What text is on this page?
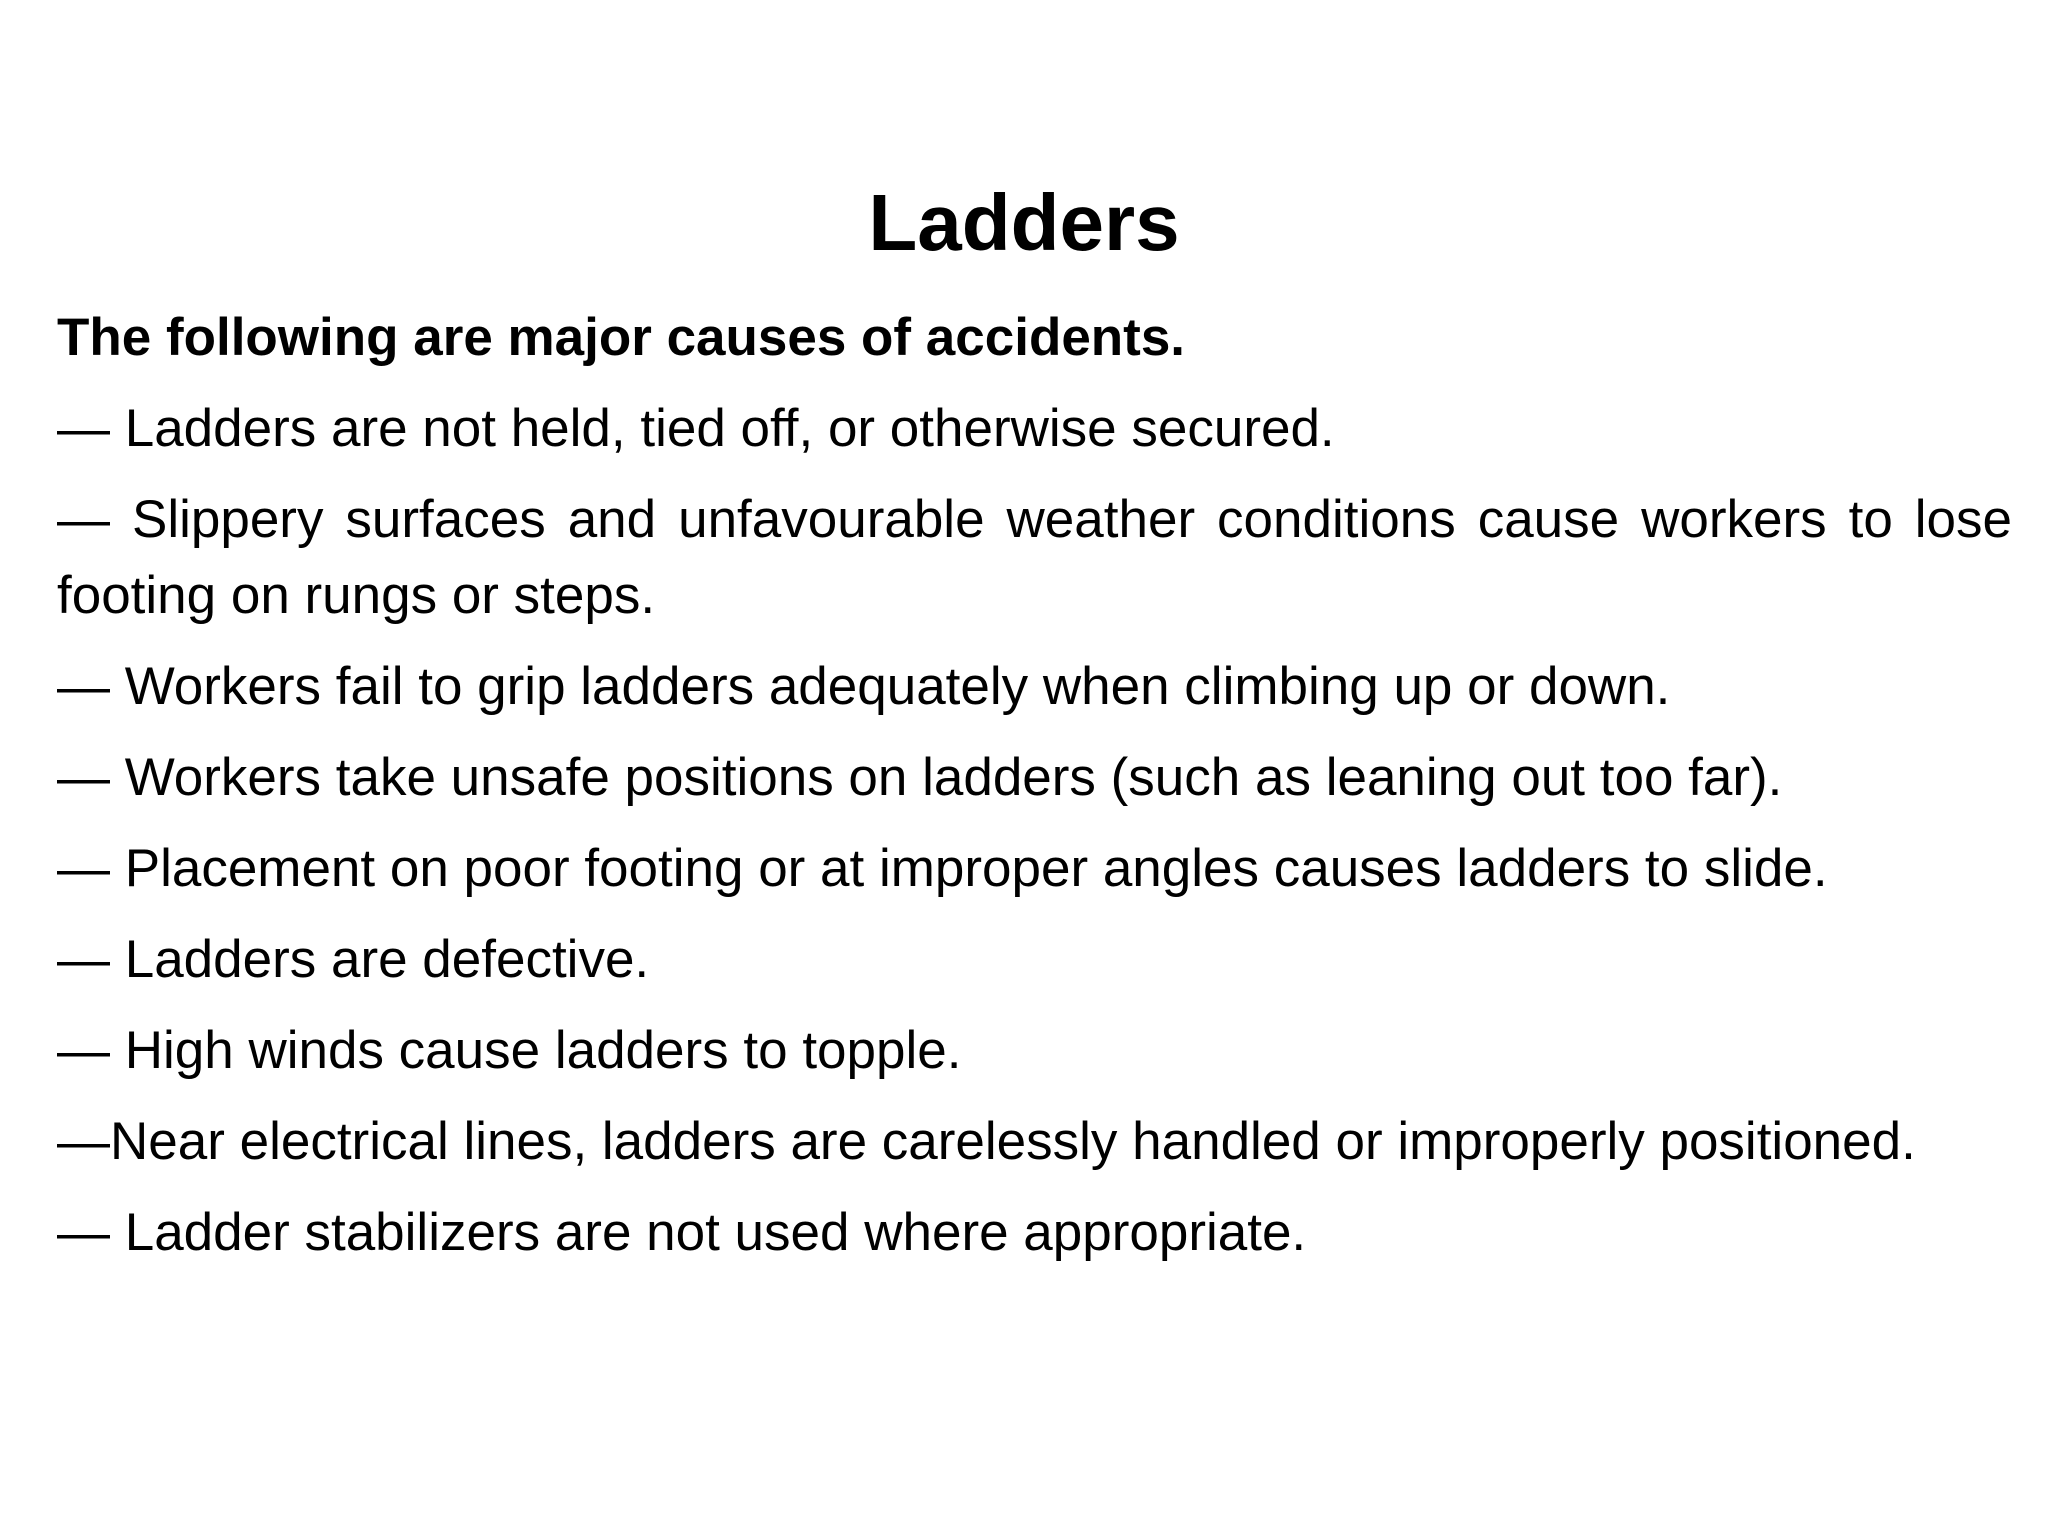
Ladders

The following are major causes of accidents.

— Ladders are not held, tied off, or otherwise secured.

— Slippery surfaces and unfavourable weather conditions cause workers to lose footing on rungs or steps.

— Workers fail to grip ladders adequately when climbing up or down.

— Workers take unsafe positions on ladders (such as leaning out too far).

— Placement on poor footing or at improper angles causes ladders to slide.

— Ladders are defective.

— High winds cause ladders to topple.

—Near electrical lines, ladders are carelessly handled or improperly positioned.

— Ladder stabilizers are not used where appropriate.
